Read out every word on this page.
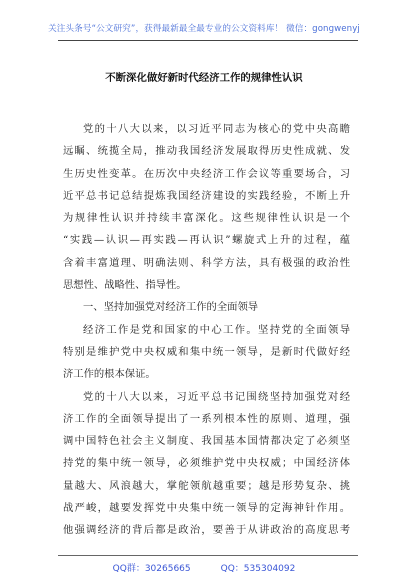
关注头条号“公文研究”，获得最新最全最专业的公文资料库！ 微信：gongwenyj
不断深化做好新时代经济工作的规律性认识
党的十八大以来，以习近平同志为核心的党中央高瞻
远瞩、统揽全局，推动我国经济发展取得历史性成就、发
生历史性变革。在历次中央经济工作会议等重要场合，习
近平总书记总结提炼我国经济建设的实践经验，不断上升
为规律性认识并持续丰富深化。这些规律性认识是一个
“实践—认识—再实践—再认识”螺旋式上升的过程，蕴
含着丰富道理、明确法则、科学方法，具有极强的政治性
思想性、战略性、指导性。
一、坚持加强党对经济工作的全面领导
经济工作是党和国家的中心工作。坚持党的全面领导
特别是维护党中央权威和集中统一领导，是新时代做好经
济工作的根本保证。
党的十八大以来，习近平总书记围绕坚持加强党对经
济工作的全面领导提出了一系列根本性的原则、道理，强
调中国特色社会主义制度、我国基本国情都决定了必须坚
持党的集中统一领导，必须维护党中央权威；中国经济体
量越大、风浪越大，掌舵领航越重要；越是形势复杂、挑
战严峻，越要发挥党中央集中统一领导的定海神针作用。
他强调经济的背后都是政治，要善于从讲政治的高度思考
QQ群：30265665	QQ：535304092
